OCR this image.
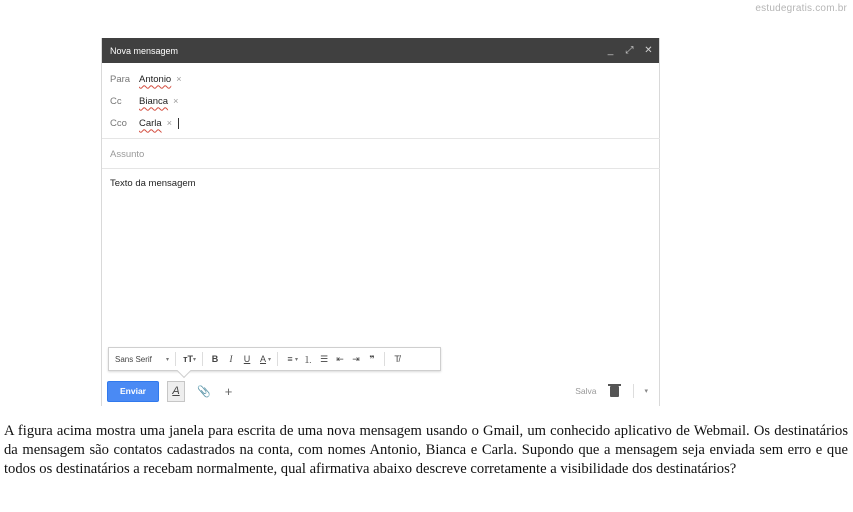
estudegratis.com.br
Nova mensagem	_ ⤢ ✕
Para Antonio ×
Cc	Bianca ×
Cco	Carla ×
Assunto
Texto da mensagem
Sans Serif	▾	тT ▾	B	I	U	A ▾	≡ ▾ ⒈ ☰ ⇤ ⇥	❞	T̸
Enviar	A	📎 +	Salva	▾
A figura acima mostra uma janela para escrita de uma nova mensagem usando o Gmail, um conhecido aplicativo de Webmail. Os destinatários da mensagem são contatos cadastrados na conta, com nomes Antonio, Bianca e Carla. Supondo que a mensagem seja enviada sem erro e que todos os destinatários a recebam normalmente, qual afirmativa abaixo descreve corretamente a visibilidade dos destinatários?
